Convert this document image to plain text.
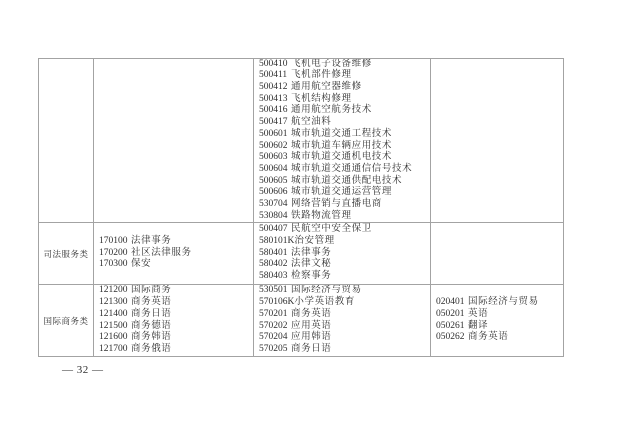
500410 飞机电子设备维修
500411 飞机部件修理
500412 通用航空器维修
500413 飞机结构修理
500416 通用航空航务技术
500417 航空油料
500601 城市轨道交通工程技术
500602 城市轨道车辆应用技术
500603 城市轨道交通机电技术
500604 城市轨道交通通信信号技术
500605 城市轨道交通供配电技术
500606 城市轨道交通运营管理
530704 网络营销与直播电商
530804 铁路物流管理
司法服务类
170100 法律事务
170200 社区法律服务
170300 保安
500407 民航空中安全保卫
580101K治安管理
580401 法律事务
580402 法律文秘
580403 检察事务
国际商务类
121200 国际商务
121300 商务英语
121400 商务日语
121500 商务德语
121600 商务韩语
121700 商务俄语
530501 国际经济与贸易
570106K小学英语教育
570201 商务英语
570202 应用英语
570204 应用韩语
570205 商务日语
020401 国际经济与贸易
050201 英语
050261 翻译
050262 商务英语
— 32 —
